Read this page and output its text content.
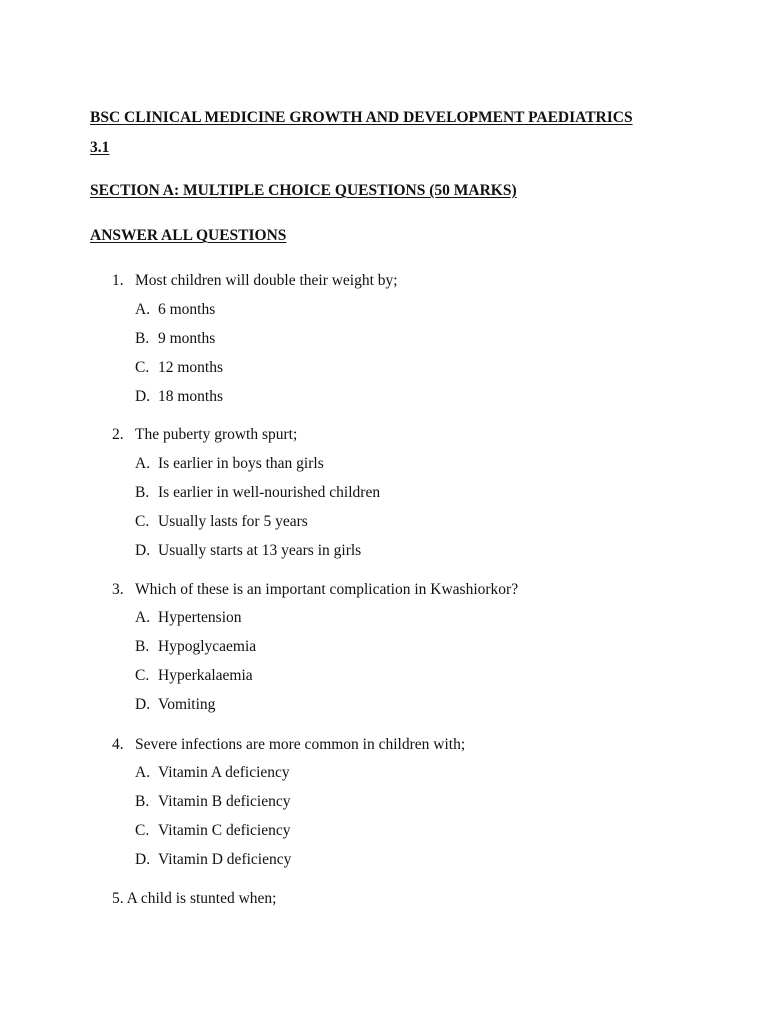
BSC CLINICAL MEDICINE GROWTH AND DEVELOPMENT PAEDIATRICS
3.1
SECTION A: MULTIPLE CHOICE QUESTIONS (50 MARKS)
ANSWER ALL QUESTIONS
1. Most children will double their weight by;
A. 6 months
B. 9 months
C. 12 months
D. 18 months
2. The puberty growth spurt;
A. Is earlier in boys than girls
B. Is earlier in well-nourished children
C. Usually lasts for 5 years
D. Usually starts at 13 years in girls
3. Which of these is an important complication in Kwashiorkor?
A. Hypertension
B. Hypoglycaemia
C. Hyperkalaemia
D. Vomiting
4. Severe infections are more common in children with;
A. Vitamin A deficiency
B. Vitamin B deficiency
C. Vitamin C deficiency
D. Vitamin D deficiency
5. A child is stunted when;
